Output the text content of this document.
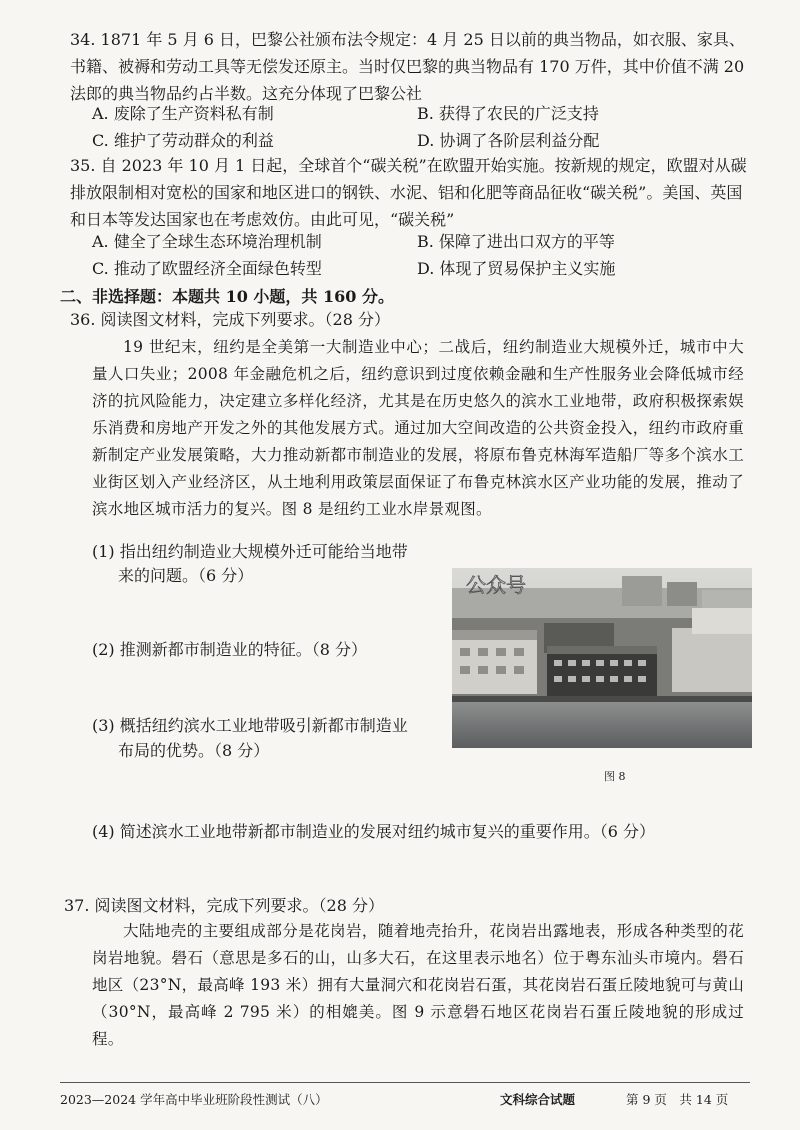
34. 1871 年 5 月 6 日，巴黎公社颁布法令规定：4 月 25 日以前的典当物品，如衣服、家具、书籍、被褥和劳动工具等无偿发还原主。当时仅巴黎的典当物品有 170 万件，其中价值不满 20 法郎的典当物品约占半数。这充分体现了巴黎公社
A. 废除了生产资料私有制	B. 获得了农民的广泛支持
C. 维护了劳动群众的利益	D. 协调了各阶层利益分配
35. 自 2023 年 10 月 1 日起，全球首个“碳关税”在欧盟开始实施。按新规的规定，欧盟对从碳排放限制相对宽松的国家和地区进口的钢铁、水泥、铝和化肥等商品征收“碳关税”。美国、英国和日本等发达国家也在考虑效仿。由此可见，“碳关税”
A. 健全了全球生态环境治理机制	B. 保障了进出口双方的平等
C. 推动了欧盟经济全面绿色转型	D. 体现了贸易保护主义实施
二、非选择题：本题共 10 小题，共 160 分。
36. 阅读图文材料，完成下列要求。（28 分）
19 世纪末，纽约是全美第一大制造业中心；二战后，纽约制造业大规模外迁，城市中大量人口失业；2008 年金融危机之后，纽约意识到过度依赖金融和生产性服务业会降低城市经济的抗风险能力，决定建立多样化经济，尤其是在历史悠久的滨水工业地带，政府积极探索娱乐消费和房地产开发之外的其他发展方式。通过加大空间改造的公共资金投入，纽约市政府重新制定产业发展策略，大力推动新都市制造业的发展，将原布鲁克林海军造船厂等多个滨水工业街区划入产业经济区，从土地利用政策层面保证了布鲁克林滨水区产业功能的发展，推动了滨水地区城市活力的复兴。图 8 是纽约工业水岸景观图。
(1) 指出纽约制造业大规模外迁可能给当地带
来的问题。（6 分）
(2) 推测新都市制造业的特征。（8 分）
(3) 概括纽约滨水工业地带吸引新都市制造业
布局的优势。（8 分）
公众号
图 8
(4) 简述滨水工业地带新都市制造业的发展对纽约城市复兴的重要作用。（6 分）
37. 阅读图文材料，完成下列要求。（28 分）
大陆地壳的主要组成部分是花岗岩，随着地壳抬升，花岗岩出露地表，形成各种类型的花岗岩地貌。礐石（意思是多石的山，山多大石，在这里表示地名）位于粤东汕头市境内。礐石地区（23°N，最高峰 193 米）拥有大量洞穴和花岗岩石蛋，其花岗岩石蛋丘陵地貌可与黄山（30°N，最高峰 2 795 米）的相媲美。图 9 示意礐石地区花岗岩石蛋丘陵地貌的形成过程。
2023—2024 学年高中毕业班阶段性测试（八）	文科综合试题	第 9 页　共 14 页
